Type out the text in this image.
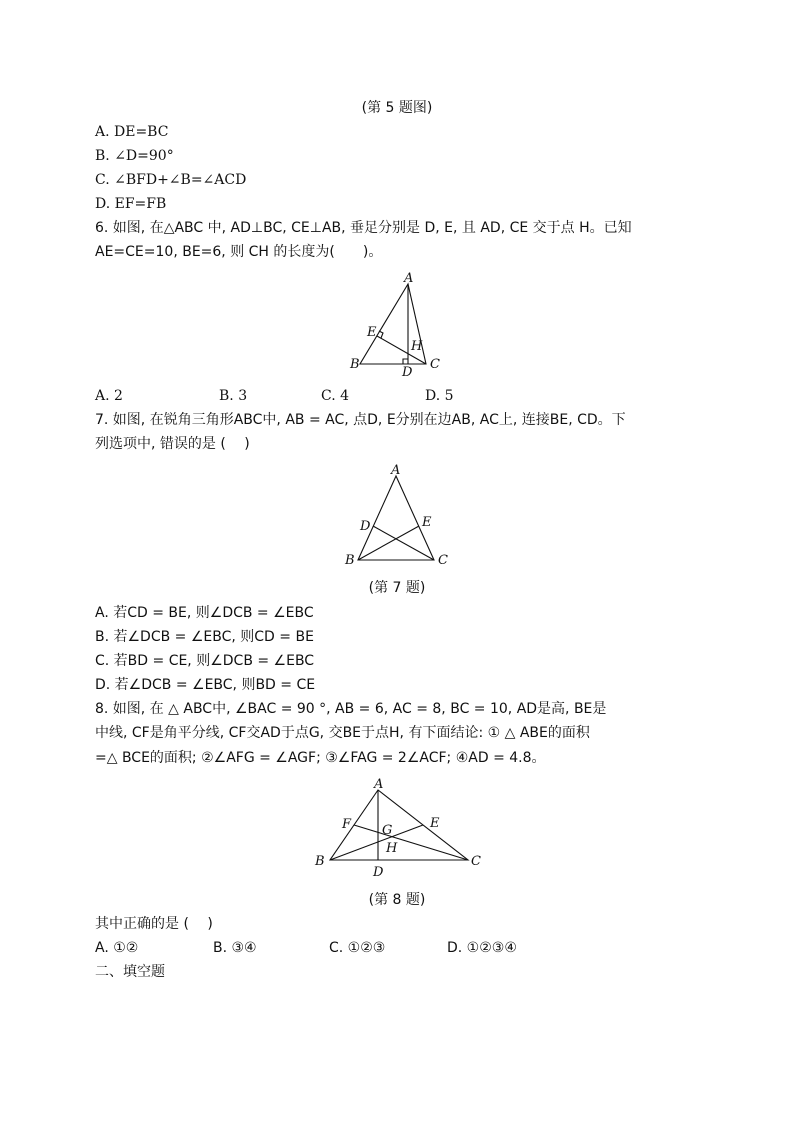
(第 5 题图)
A. DE=BC
B. ∠D=90°
C. ∠BFD+∠B=∠ACD
D. EF=FB
6. 如图, 在△ABC 中, AD⊥BC, CE⊥AB, 垂足分别是 D, E, 且 AD, CE 交于点 H。已知
AE=CE=10, BE=6, 则 CH 的长度为(　　)。
A
B	C
D
E
H
A. 2	B. 3	C. 4	D. 5
7. 如图, 在锐角三角形ABC中, AB = AC, 点D, E分别在边AB, AC上, 连接BE, CD。下
列选项中, 错误的是 (　 )
A
B	C
D	E
(第 7 题)
A. 若CD = BE, 则∠DCB = ∠EBC
B. 若∠DCB = ∠EBC, 则CD = BE
C. 若BD = CE, 则∠DCB = ∠EBC
D. 若∠DCB = ∠EBC, 则BD = CE
8. 如图, 在 △ ABC中, ∠BAC = 90 °, AB = 6, AC = 8, BC = 10, AD是高, BE是
中线, CF是角平分线, CF交AD于点G, 交BE于点H, 有下面结论: ① △ ABE的面积
=△ BCE的面积; ②∠AFG = ∠AGF; ③∠FAG = 2∠ACF; ④AD = 4.8。
A
B	C
D
E
F G
H
(第 8 题)
其中正确的是 (　 )
A. ①②	B. ③④	C. ①②③	D. ①②③④
二、填空题
